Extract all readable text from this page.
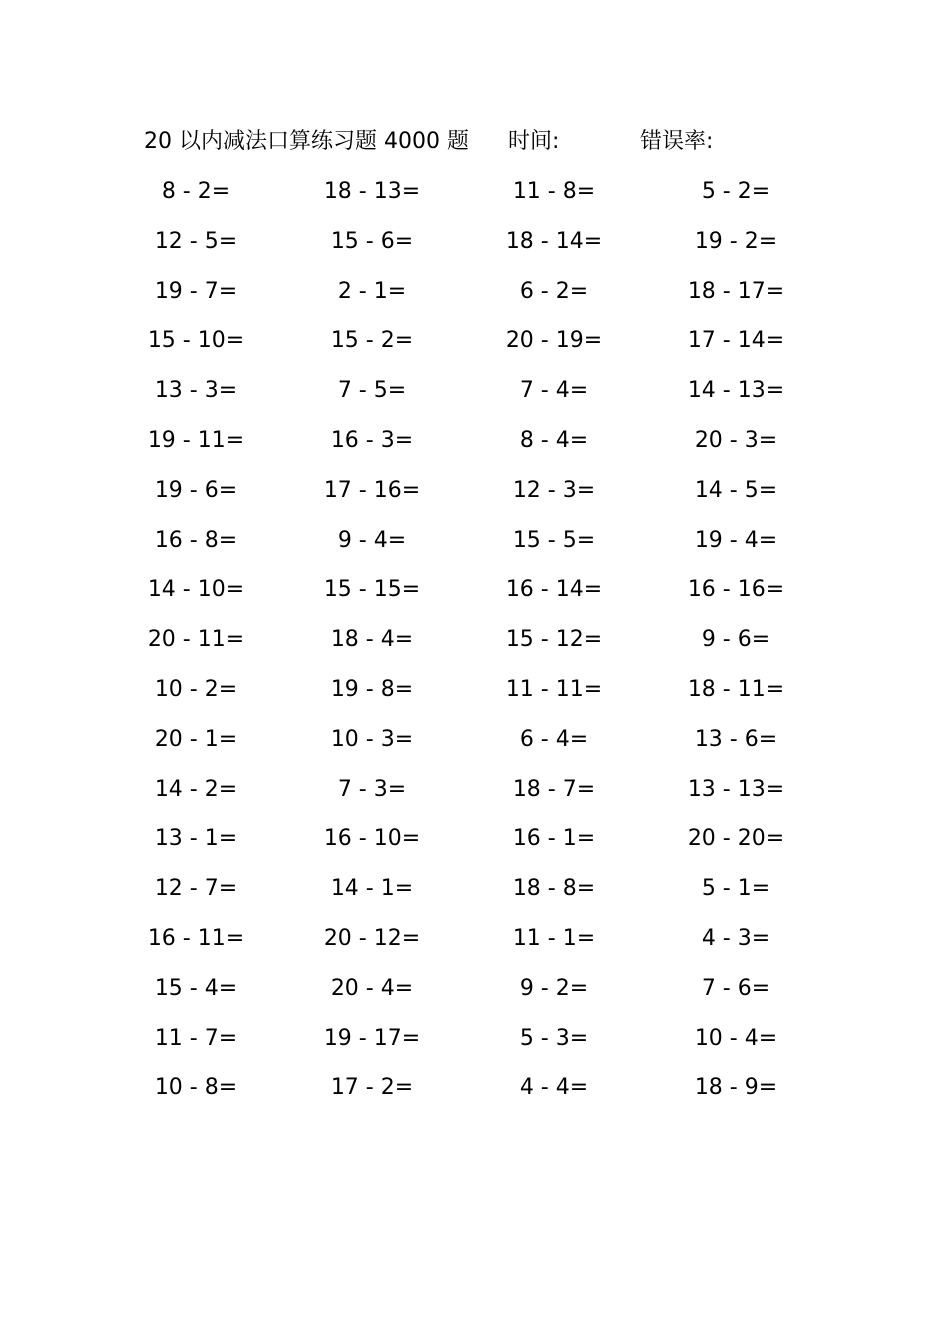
20 以内减法口算练习题 4000 题 时间:	错误率:
8 - 2=	18 - 13=	11 - 8=	5 - 2=
12 - 5=	15 - 6=	18 - 14=	19 - 2=
19 - 7=	2 - 1=	6 - 2=	18 - 17=
15 - 10=	15 - 2=	20 - 19=	17 - 14=
13 - 3=	7 - 5=	7 - 4=	14 - 13=
19 - 11=	16 - 3=	8 - 4=	20 - 3=
19 - 6=	17 - 16=	12 - 3=	14 - 5=
16 - 8=	9 - 4=	15 - 5=	19 - 4=
14 - 10=	15 - 15=	16 - 14=	16 - 16=
20 - 11=	18 - 4=	15 - 12=	9 - 6=
10 - 2=	19 - 8=	11 - 11=	18 - 11=
20 - 1=	10 - 3=	6 - 4=	13 - 6=
14 - 2=	7 - 3=	18 - 7=	13 - 13=
13 - 1=	16 - 10=	16 - 1=	20 - 20=
12 - 7=	14 - 1=	18 - 8=	5 - 1=
16 - 11=	20 - 12=	11 - 1=	4 - 3=
15 - 4=	20 - 4=	9 - 2=	7 - 6=
11 - 7=	19 - 17=	5 - 3=	10 - 4=
10 - 8=	17 - 2=	4 - 4=	18 - 9=
